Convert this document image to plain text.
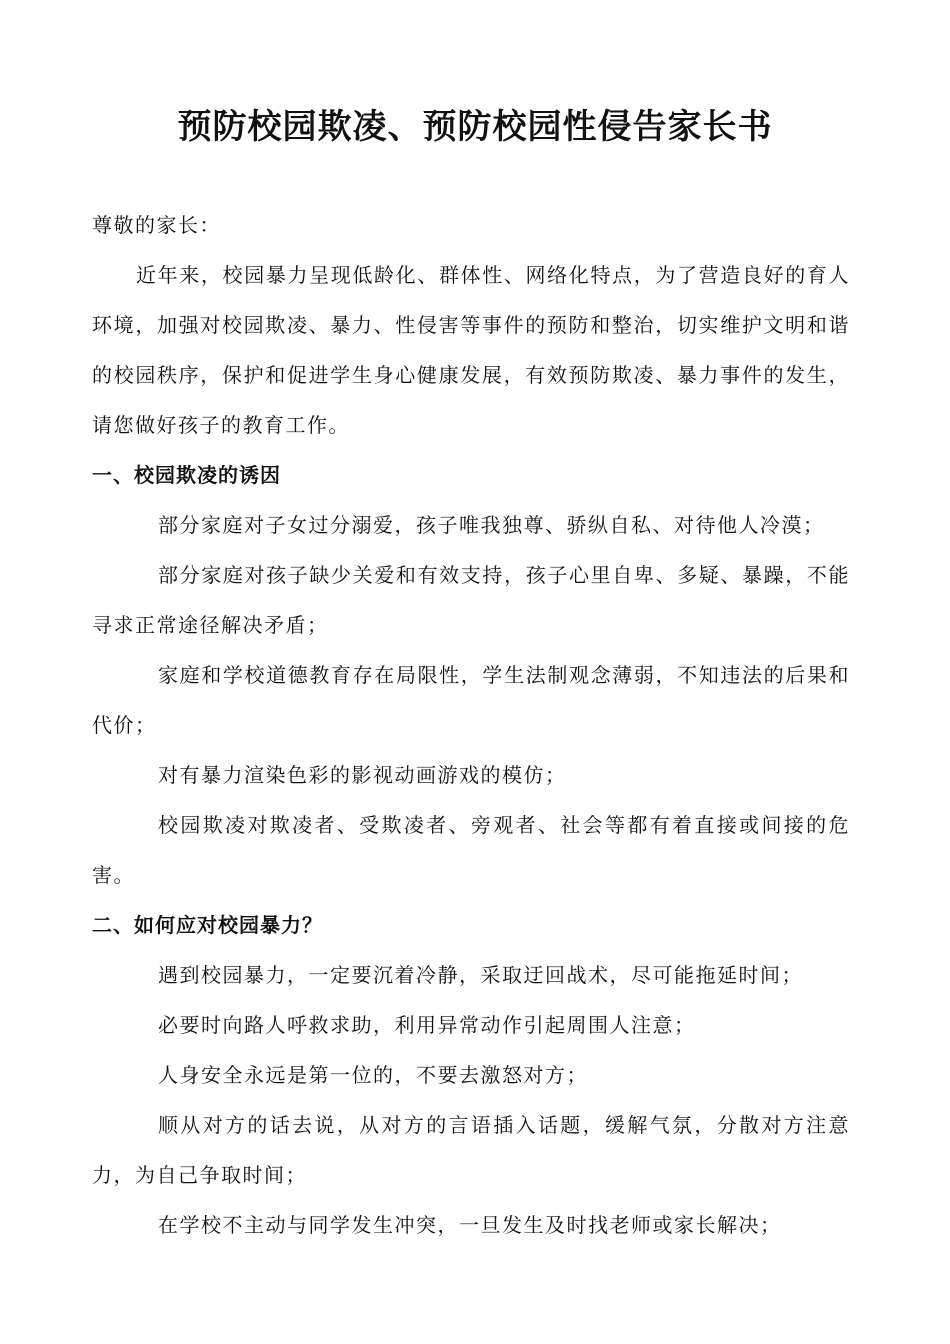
预防校园欺凌、预防校园性侵告家长书

尊敬的家长：

近年来，校园暴力呈现低龄化、群体性、网络化特点，为了营造良好的育人环境，加强对校园欺凌、暴力、性侵害等事件的预防和整治，切实维护文明和谐的校园秩序，保护和促进学生身心健康发展，有效预防欺凌、暴力事件的发生，请您做好孩子的教育工作。

一、校园欺凌的诱因

部分家庭对子女过分溺爱，孩子唯我独尊、骄纵自私、对待他人冷漠；

部分家庭对孩子缺少关爱和有效支持，孩子心里自卑、多疑、暴躁，不能寻求正常途径解决矛盾；

家庭和学校道德教育存在局限性，学生法制观念薄弱，不知违法的后果和代价；

对有暴力渲染色彩的影视动画游戏的模仿；

校园欺凌对欺凌者、受欺凌者、旁观者、社会等都有着直接或间接的危害。

二、如何应对校园暴力？

遇到校园暴力，一定要沉着冷静，采取迂回战术，尽可能拖延时间；

必要时向路人呼救求助，利用异常动作引起周围人注意；

人身安全永远是第一位的，不要去激怒对方；

顺从对方的话去说，从对方的言语插入话题，缓解气氛，分散对方注意力，为自己争取时间；

在学校不主动与同学发生冲突，一旦发生及时找老师或家长解决；
